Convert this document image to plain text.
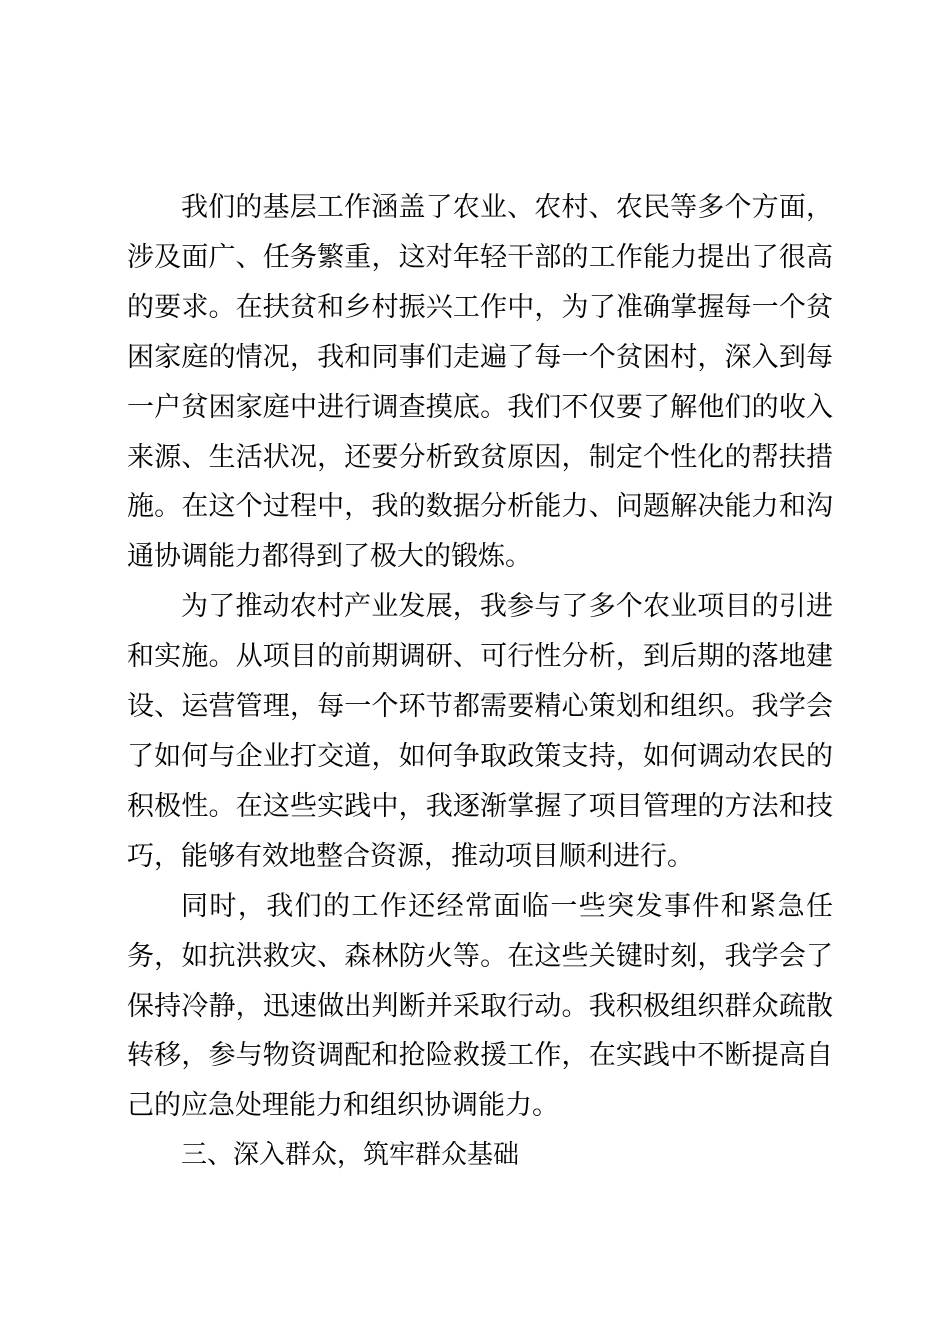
我们的基层工作涵盖了农业、农村、农民等多个方面，涉及面广、任务繁重，这对年轻干部的工作能力提出了很高的要求。在扶贫和乡村振兴工作中，为了准确掌握每一个贫困家庭的情况，我和同事们走遍了每一个贫困村，深入到每一户贫困家庭中进行调查摸底。我们不仅要了解他们的收入来源、生活状况，还要分析致贫原因，制定个性化的帮扶措施。在这个过程中，我的数据分析能力、问题解决能力和沟通协调能力都得到了极大的锻炼。

为了推动农村产业发展，我参与了多个农业项目的引进和实施。从项目的前期调研、可行性分析，到后期的落地建设、运营管理，每一个环节都需要精心策划和组织。我学会了如何与企业打交道，如何争取政策支持，如何调动农民的积极性。在这些实践中，我逐渐掌握了项目管理的方法和技巧，能够有效地整合资源，推动项目顺利进行。

同时，我们的工作还经常面临一些突发事件和紧急任务，如抗洪救灾、森林防火等。在这些关键时刻，我学会了保持冷静，迅速做出判断并采取行动。我积极组织群众疏散转移，参与物资调配和抢险救援工作，在实践中不断提高自己的应急处理能力和组织协调能力。

三、深入群众，筑牢群众基础
